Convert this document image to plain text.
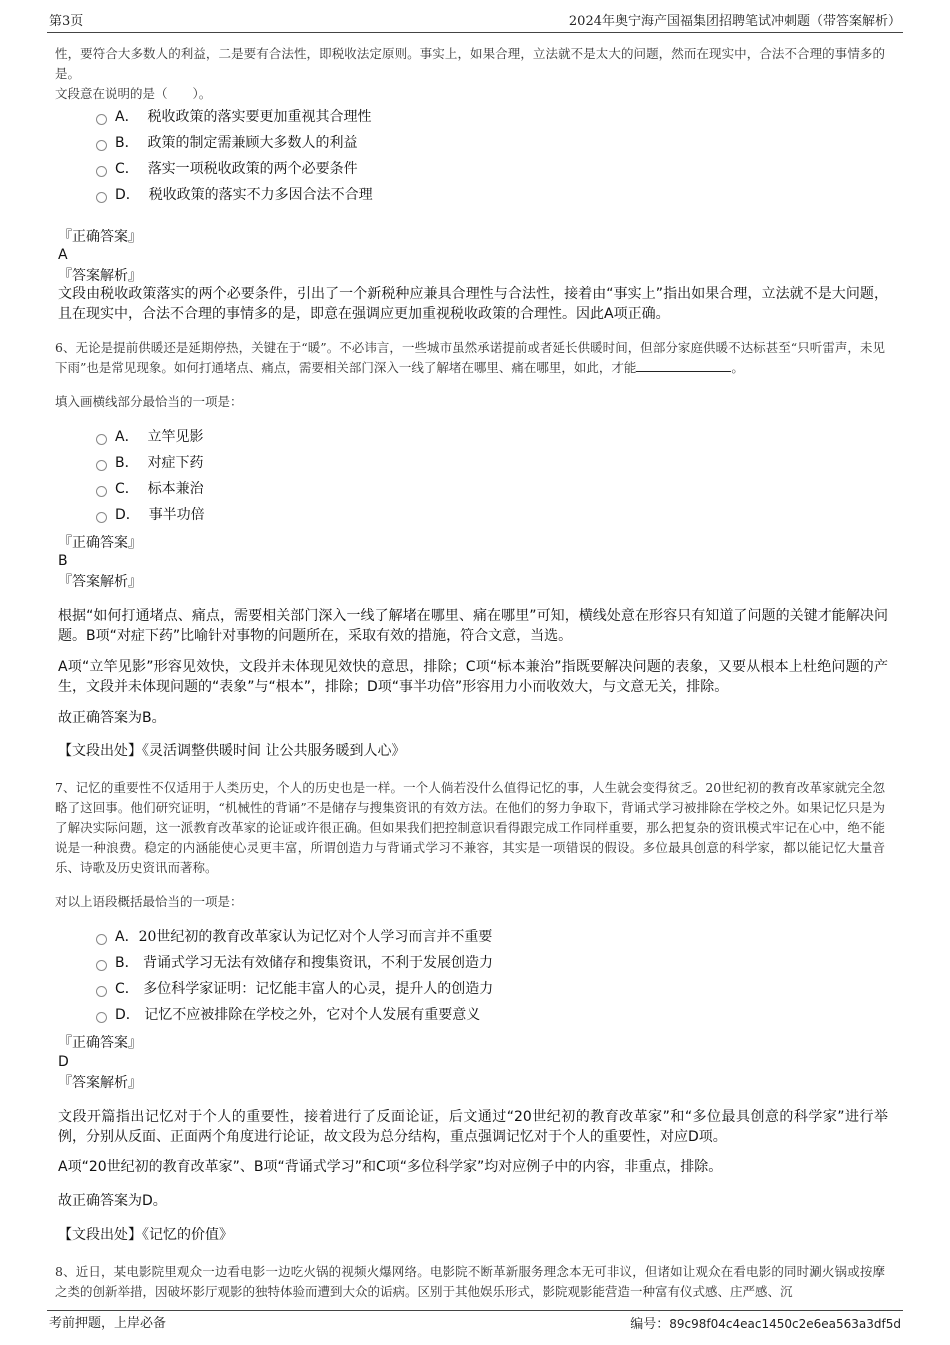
第3页	2024年奥宁海产国福集团招聘笔试冲刺题（带答案解析）
性，要符合大多数人的利益，二是要有合法性，即税收法定原则。事实上，如果合理，立法就不是太大的问题，然而在现实中，合法不合理的事情多的是。
文段意在说明的是（　　）。
A． 税收政策的落实要更加重视其合理性
B． 政策的制定需兼顾大多数人的利益
C． 落实一项税收政策的两个必要条件
D． 税收政策的落实不力多因合法不合理
『正确答案』
A
『答案解析』
文段由税收政策落实的两个必要条件，引出了一个新税种应兼具合理性与合法性，接着由“事实上”指出如果合理，立法就不是大问题，且在现实中，合法不合理的事情多的是，即意在强调应更加重视税收政策的合理性。因此A项正确。
6、无论是提前供暖还是延期停热，关键在于“暖”。不必讳言，一些城市虽然承诺提前或者延长供暖时间，但部分家庭供暖不达标甚至“只听雷声，未见下雨”也是常见现象。如何打通堵点、痛点，需要相关部门深入一线了解堵在哪里、痛在哪里，如此，才能	。
填入画横线部分最恰当的一项是：
A． 立竿见影
B． 对症下药
C． 标本兼治
D． 事半功倍
『正确答案』
B
『答案解析』
根据“如何打通堵点、痛点，需要相关部门深入一线了解堵在哪里、痛在哪里”可知，横线处意在形容只有知道了问题的关键才能解决问题。B项“对症下药”比喻针对事物的问题所在，采取有效的措施，符合文意，当选。
A项“立竿见影”形容见效快，文段并未体现见效快的意思，排除；C项“标本兼治”指既要解决问题的表象，又要从根本上杜绝问题的产生，文段并未体现问题的“表象”与“根本”，排除；D项“事半功倍”形容用力小而收效大，与文意无关，排除。
故正确答案为B。
【文段出处】《灵活调整供暖时间 让公共服务暖到人心》
7、记忆的重要性不仅适用于人类历史，个人的历史也是一样。一个人倘若没什么值得记忆的事，人生就会变得贫乏。20世纪初的教育改革家就完全忽略了这回事。他们研究证明，“机械性的背诵”不是储存与搜集资讯的有效方法。在他们的努力争取下，背诵式学习被排除在学校之外。如果记忆只是为了解决实际问题，这一派教育改革家的论证或许很正确。但如果我们把控制意识看得跟完成工作同样重要，那么把复杂的资讯模式牢记在心中，绝不能说是一种浪费。稳定的内涵能使心灵更丰富，所谓创造力与背诵式学习不兼容，其实是一项错误的假设。多位最具创意的科学家，都以能记忆大量音乐、诗歌及历史资讯而著称。
对以上语段概括最恰当的一项是：
A．20世纪初的教育改革家认为记忆对个人学习而言并不重要
B． 背诵式学习无法有效储存和搜集资讯，不利于发展创造力
C． 多位科学家证明：记忆能丰富人的心灵，提升人的创造力
D． 记忆不应被排除在学校之外，它对个人发展有重要意义
『正确答案』
D
『答案解析』
文段开篇指出记忆对于个人的重要性，接着进行了反面论证，后文通过“20世纪初的教育改革家”和“多位最具创意的科学家”进行举例，分别从反面、正面两个角度进行论证，故文段为总分结构，重点强调记忆对于个人的重要性，对应D项。
A项“20世纪初的教育改革家”、B项“背诵式学习”和C项“多位科学家”均对应例子中的内容，非重点，排除。
故正确答案为D。
【文段出处】《记忆的价值》
8、近日，某电影院里观众一边看电影一边吃火锅的视频火爆网络。电影院不断革新服务理念本无可非议，但诸如让观众在看电影的同时涮火锅或按摩之类的创新举措，因破坏影厅观影的独特体验而遭到大众的诟病。区别于其他娱乐形式，影院观影能营造一种富有仪式感、庄严感、沉
考前押题，上岸必备	编号：89c98f04c4eac1450c2e6ea563a3df5d
